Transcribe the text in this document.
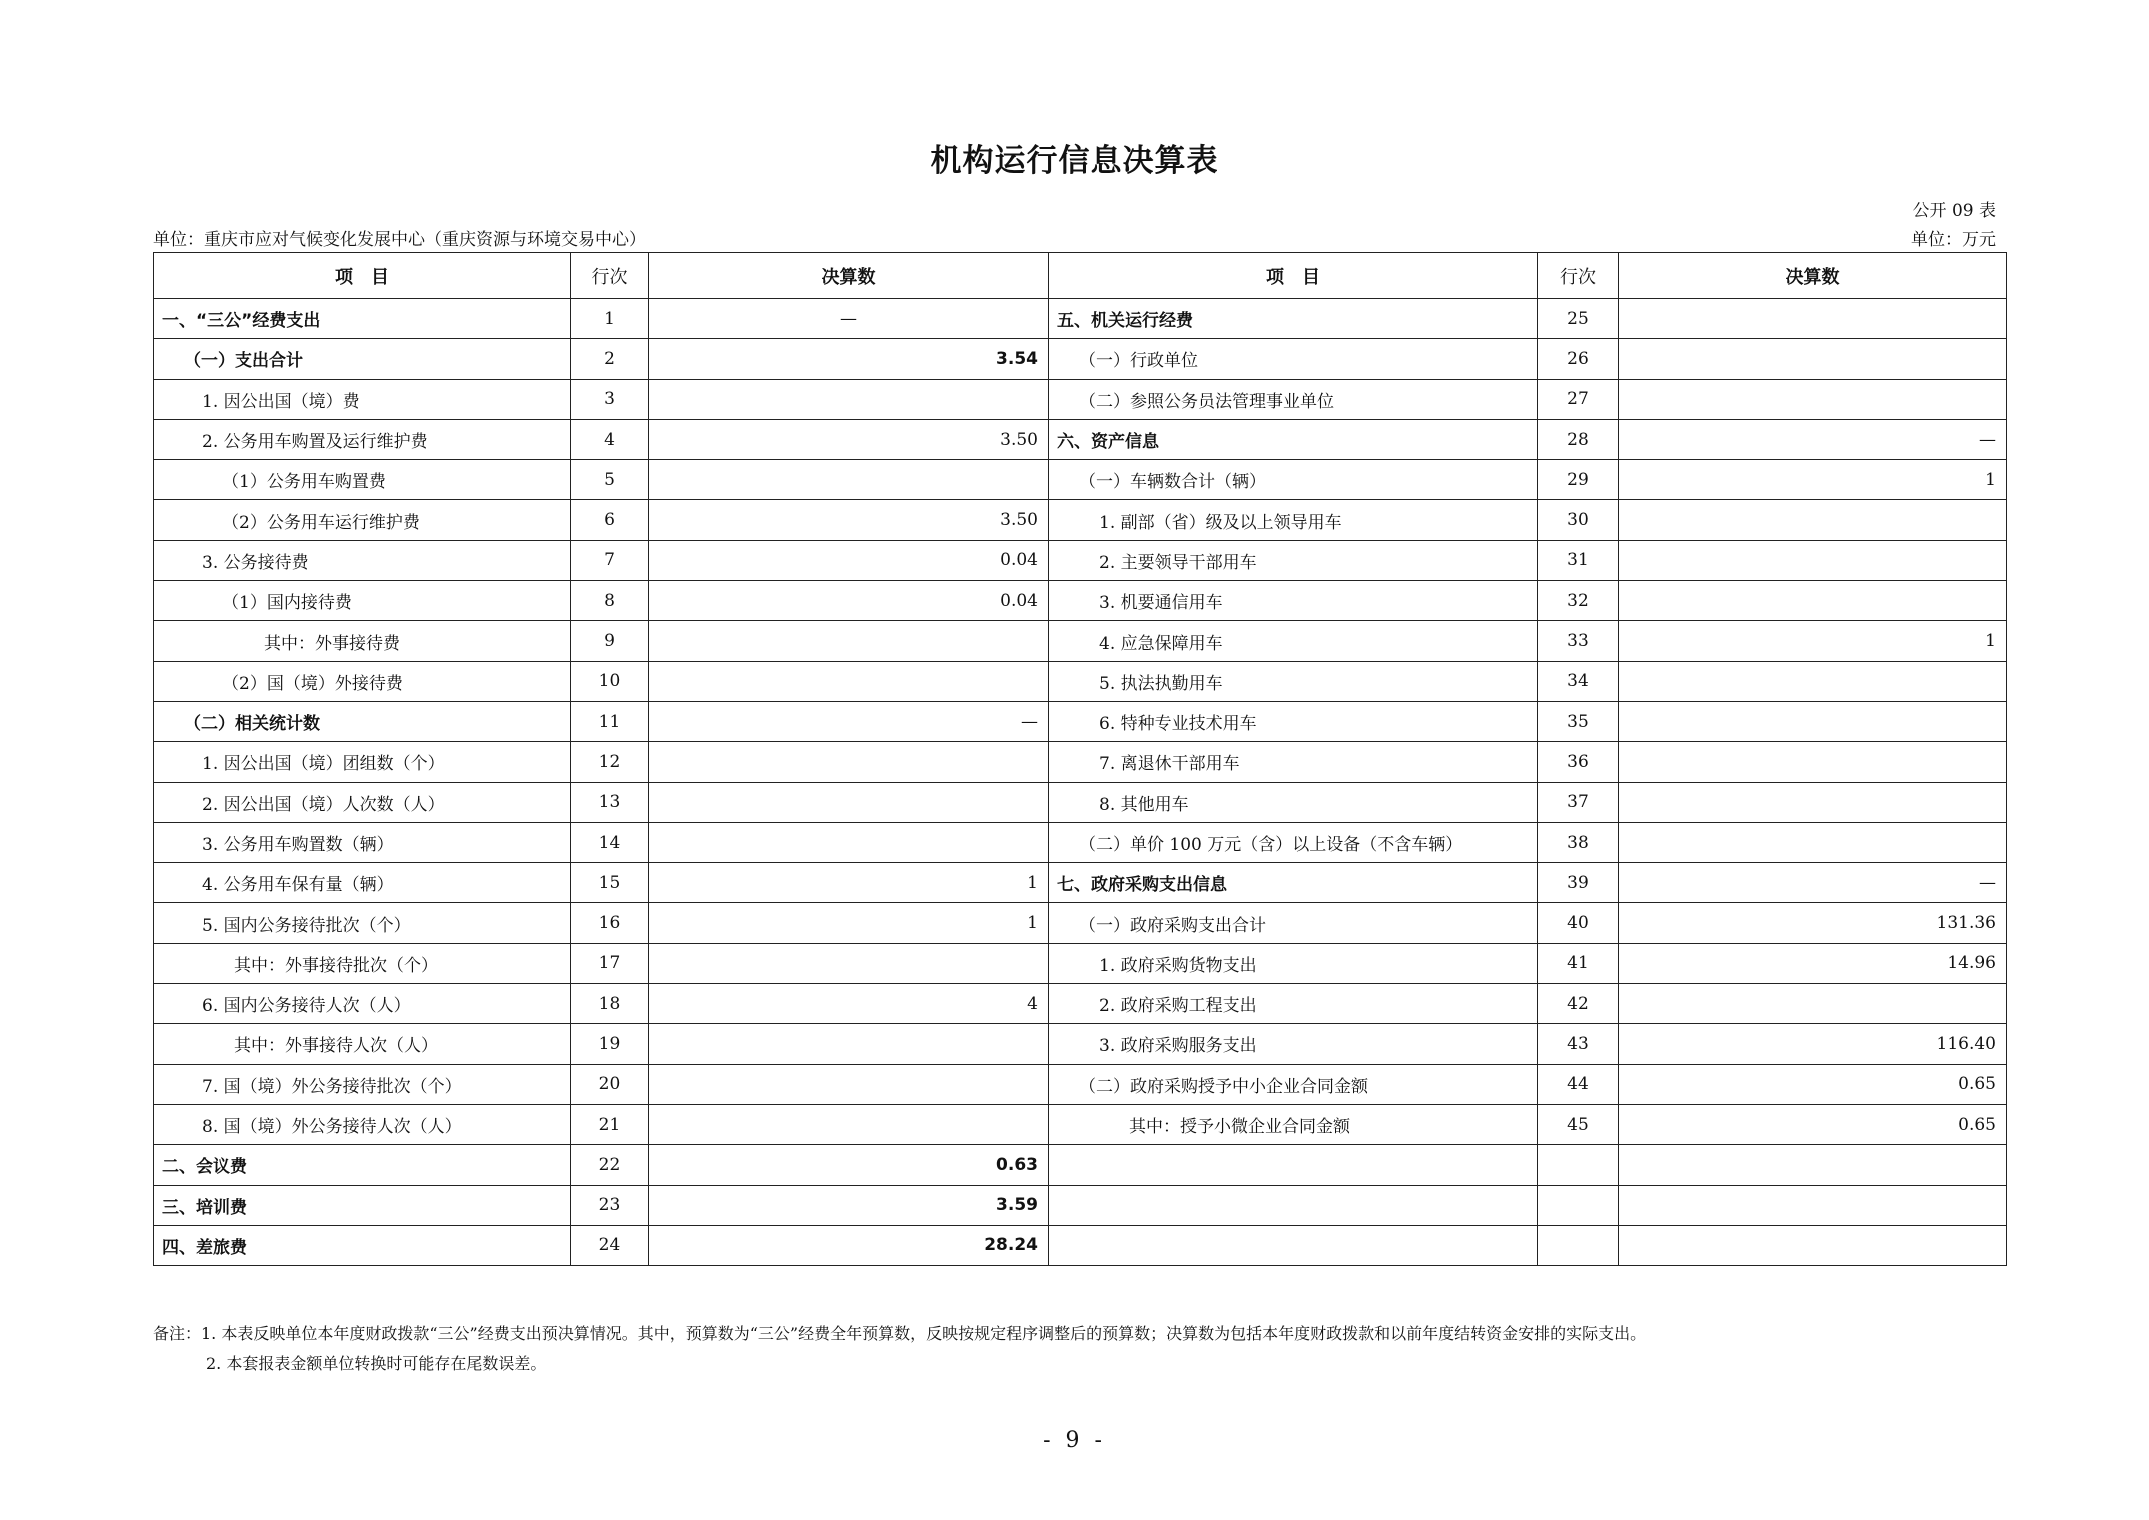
机构运行信息决算表
公开 09 表
单位：重庆市应对气候变化发展中心（重庆资源与环境交易中心）	单位：万元
项　目	行次	决算数	项　目	行次	决算数
一、“三公”经费支出	1	—	五、机关运行经费	25	
（一）支出合计	2	3.54	（一）行政单位	26	
1. 因公出国（境）费	3		（二）参照公务员法管理事业单位	27	
2. 公务用车购置及运行维护费	4	3.50	六、资产信息	28	—
（1）公务用车购置费	5		（一）车辆数合计（辆）	29	1
（2）公务用车运行维护费	6	3.50	1. 副部（省）级及以上领导用车	30	
3. 公务接待费	7	0.04	2. 主要领导干部用车	31	
（1）国内接待费	8	0.04	3. 机要通信用车	32	
其中：外事接待费	9		4. 应急保障用车	33	1
（2）国（境）外接待费	10		5. 执法执勤用车	34	
（二）相关统计数	11	—	6. 特种专业技术用车	35	
1. 因公出国（境）团组数（个）	12		7. 离退休干部用车	36	
2. 因公出国（境）人次数（人）	13		8. 其他用车	37	
3. 公务用车购置数（辆）	14		（二）单价 100 万元（含）以上设备（不含车辆）	38	
4. 公务用车保有量（辆）	15	1	七、政府采购支出信息	39	—
5. 国内公务接待批次（个）	16	1	（一）政府采购支出合计	40	131.36
其中：外事接待批次（个）	17		1. 政府采购货物支出	41	14.96
6. 国内公务接待人次（人）	18	4	2. 政府采购工程支出	42	
其中：外事接待人次（人）	19		3. 政府采购服务支出	43	116.40
7. 国（境）外公务接待批次（个）	20		（二）政府采购授予中小企业合同金额	44	0.65
8. 国（境）外公务接待人次（人）	21		其中：授予小微企业合同金额	45	0.65
二、会议费	22	0.63			
三、培训费	23	3.59			
四、差旅费	24	28.24			
备注：1. 本表反映单位本年度财政拨款“三公”经费支出预决算情况。其中，预算数为“三公”经费全年预算数，反映按规定程序调整后的预算数；决算数为包括本年度财政拨款和以前年度结转资金安排的实际支出。
2. 本套报表金额单位转换时可能存在尾数误差。
- 9 -
